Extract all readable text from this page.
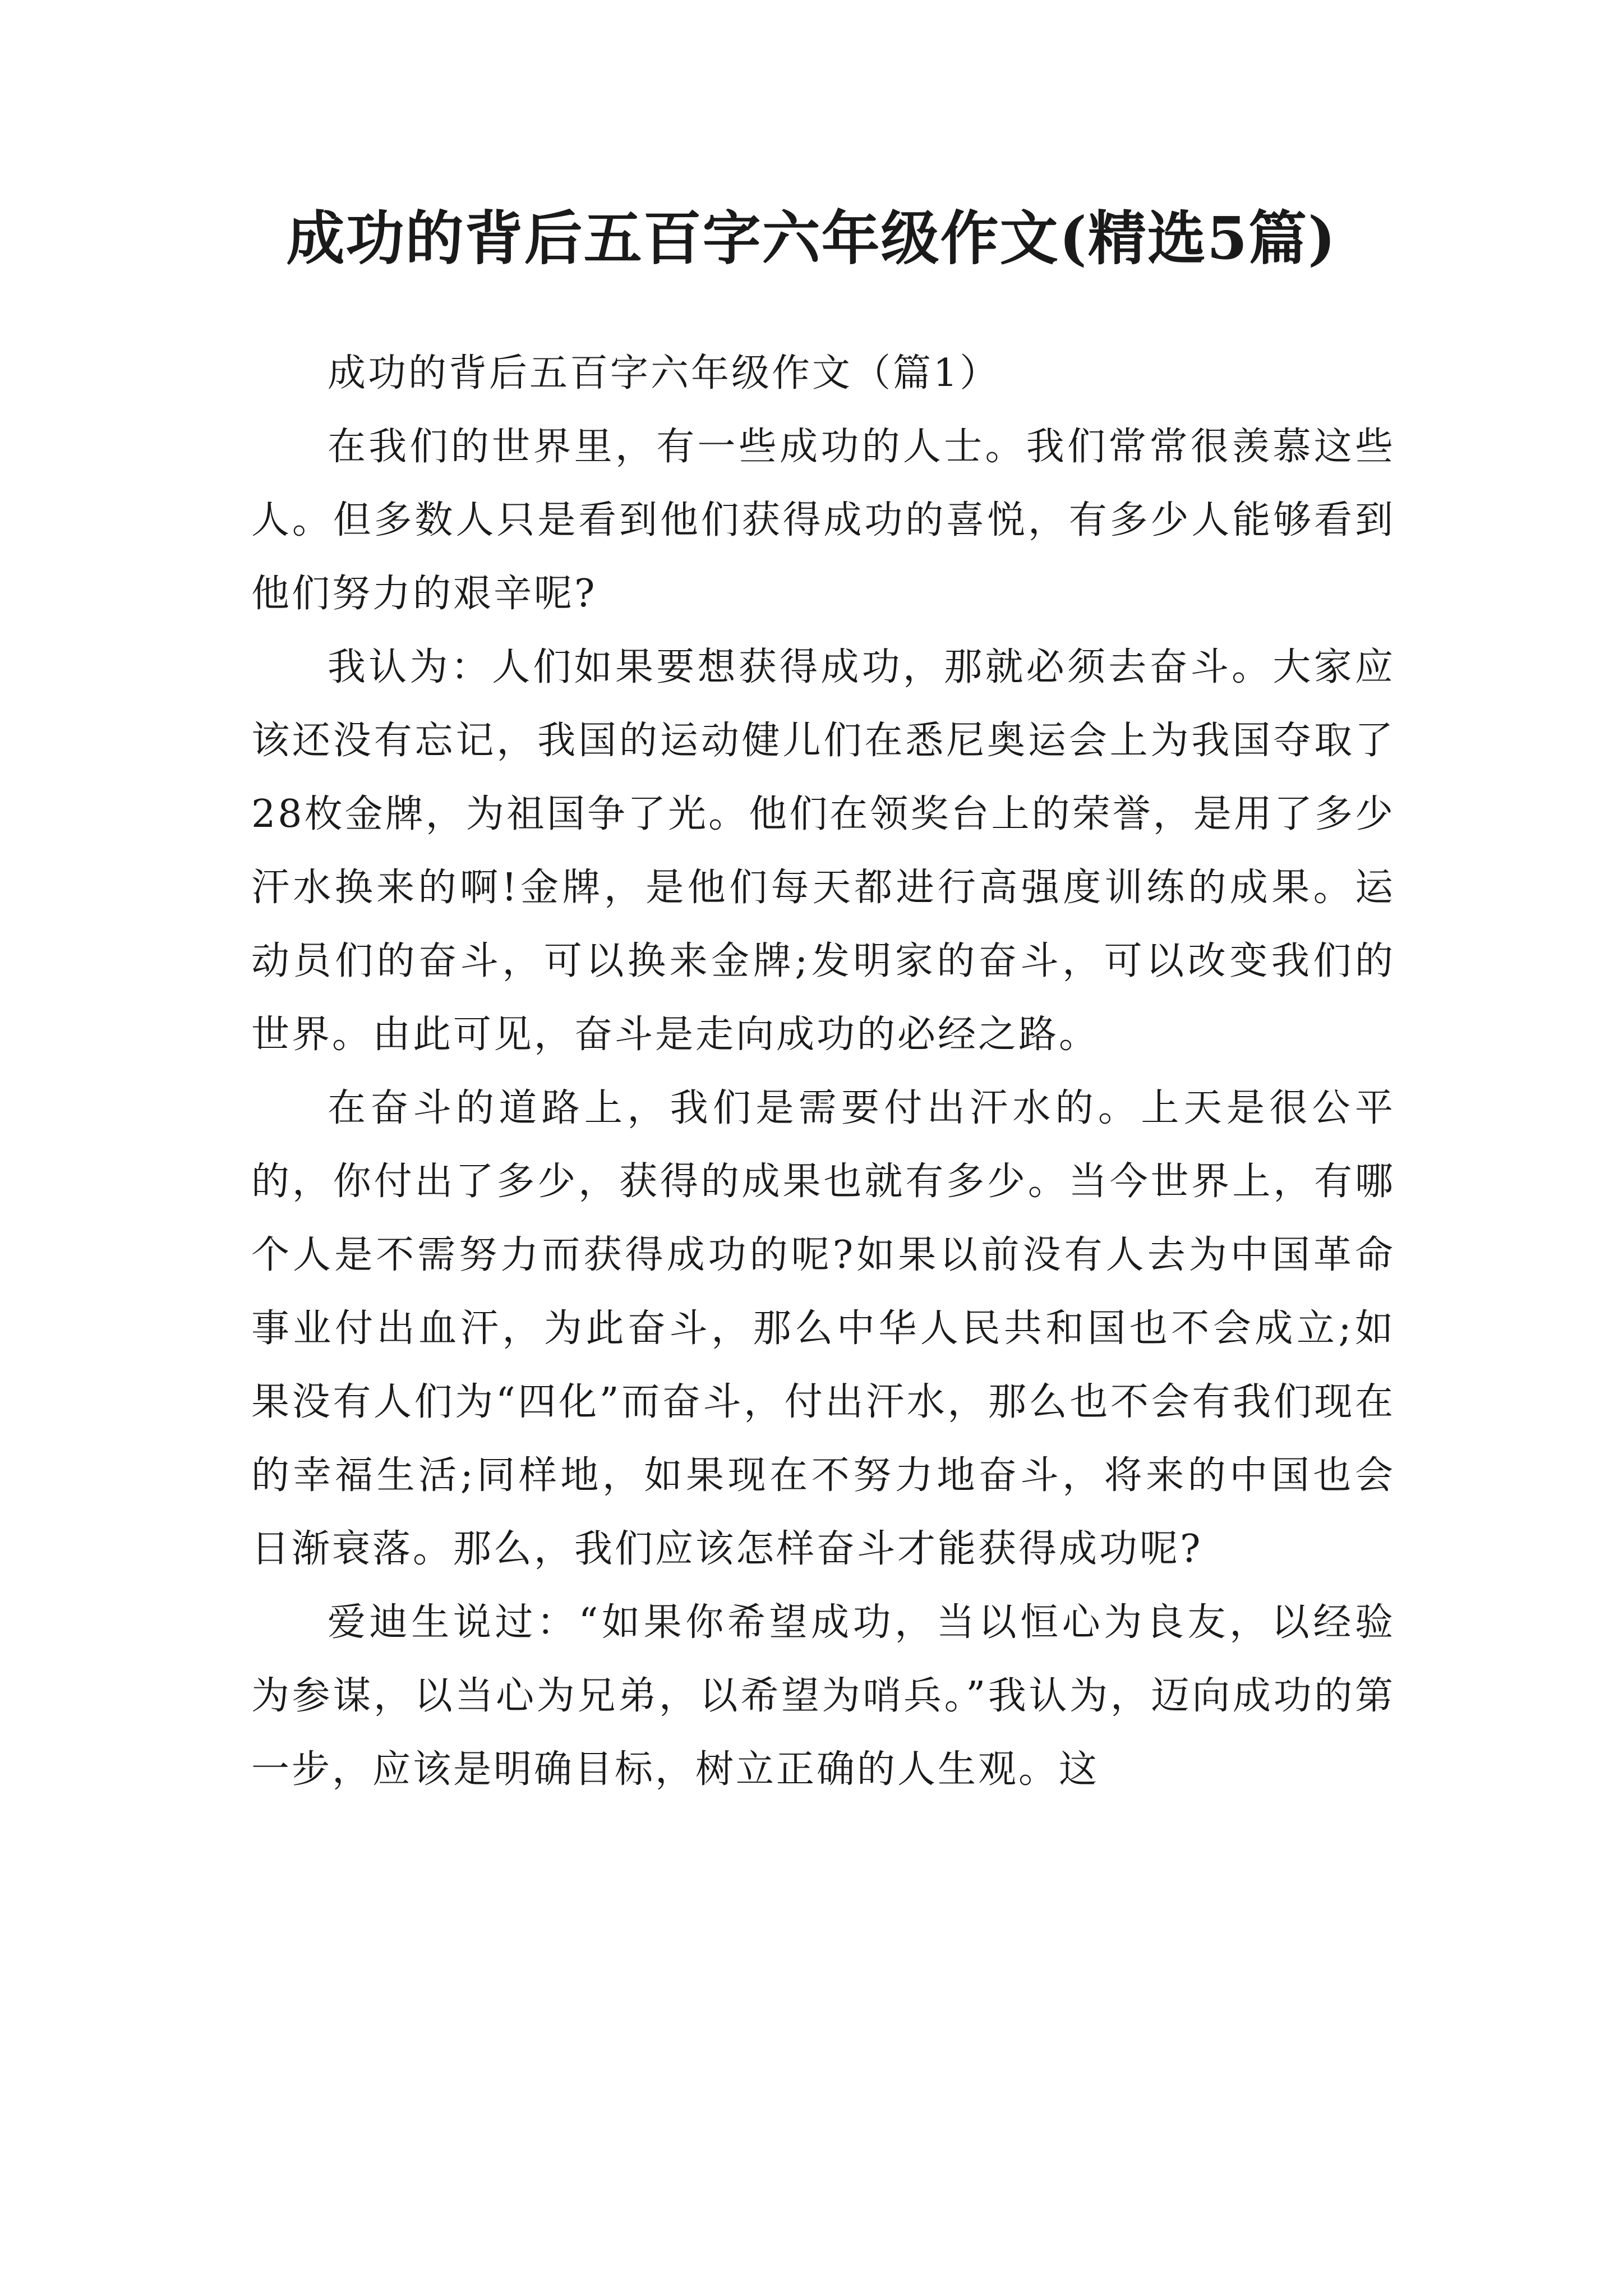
成功的背后五百字六年级作文(精选5篇)

成功的背后五百字六年级作文（篇1）

在我们的世界里，有一些成功的人士。我们常常很羡慕这些人。但多数人只是看到他们获得成功的喜悦，有多少人能够看到他们努力的艰辛呢?

我认为：人们如果要想获得成功，那就必须去奋斗。大家应该还没有忘记，我国的运动健儿们在悉尼奥运会上为我国夺取了28枚金牌，为祖国争了光。他们在领奖台上的荣誉，是用了多少汗水换来的啊!金牌，是他们每天都进行高强度训练的成果。运动员们的奋斗，可以换来金牌;发明家的奋斗，可以改变我们的世界。由此可见，奋斗是走向成功的必经之路。

在奋斗的道路上，我们是需要付出汗水的。上天是很公平的，你付出了多少，获得的成果也就有多少。当今世界上，有哪个人是不需努力而获得成功的呢?如果以前没有人去为中国革命事业付出血汗，为此奋斗，那么中华人民共和国也不会成立;如果没有人们为“四化”而奋斗，付出汗水，那么也不会有我们现在的幸福生活;同样地，如果现在不努力地奋斗，将来的中国也会日渐衰落。那么，我们应该怎样奋斗才能获得成功呢?

爱迪生说过：“如果你希望成功，当以恒心为良友，以经验为参谋，以当心为兄弟，以希望为哨兵。”我认为，迈向成功的第一步，应该是明确目标，树立正确的人生观。这
